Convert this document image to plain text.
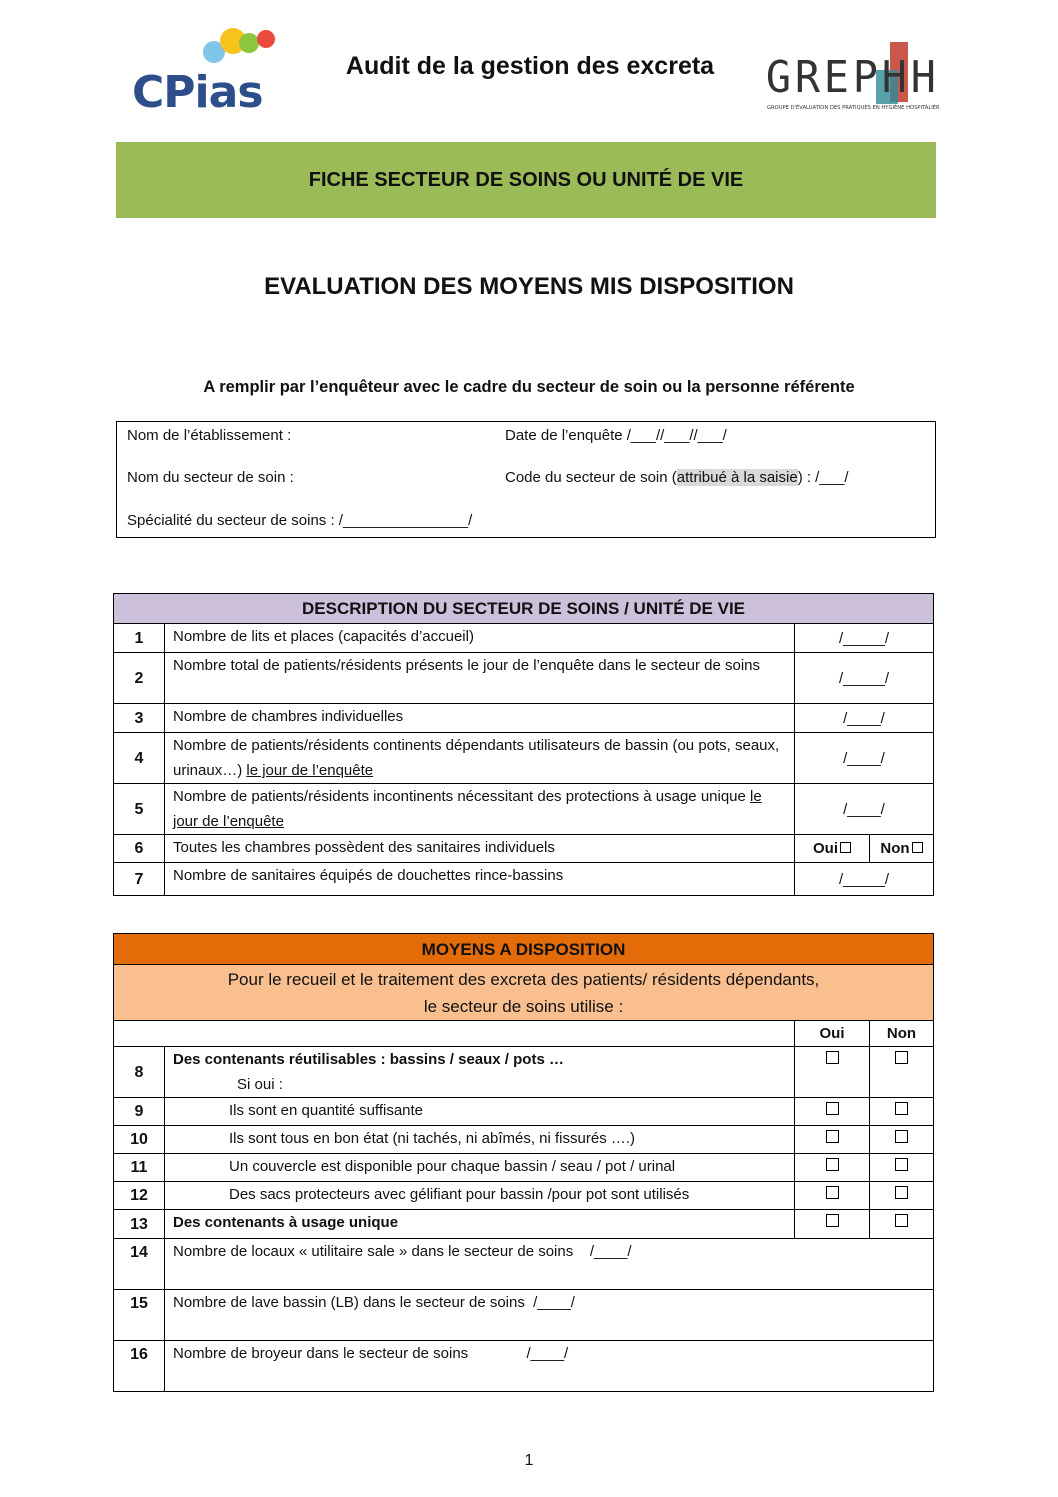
CPias
Audit de la gestion des excreta	GREPHH
GROUPE D'ÉVALUATION DES PRATIQUES EN HYGIÈNE HOSPITALIÈRE
FICHE SECTEUR DE SOINS OU UNITÉ DE VIE
EVALUATION DES MOYENS MIS DISPOSITION
A remplir par l’enquêteur avec le cadre du secteur de soin ou la personne référente
Nom de l’établissement :	Date de l’enquête /___//___//___/
Nom du secteur de soin :	Code du secteur de soin (attribué à la saisie) : /___/
Spécialité du secteur de soins : /_______________/
DESCRIPTION DU SECTEUR DE SOINS / UNITÉ DE VIE			
1	Nombre de lits et places (capacités d’accueil)	/_____/	
2	Nombre total de patients/résidents présents le jour de l’enquête dans le secteur de soins	/_____/	
3	Nombre de chambres individuelles	/____/	
4	Nombre de patients/résidents continents dépendants utilisateurs de bassin (ou pots, seaux, urinaux…) le jour de l’enquête	/____/	
5	Nombre de patients/résidents incontinents nécessitant des protections à usage unique le jour de l’enquête	/____/	
6	Toutes les chambres possèdent des sanitaires individuels	Oui	Non
7	Nombre de sanitaires équipés de douchettes rince-bassins	/_____/	
MOYENS A DISPOSITION			

Pour le recueil et le traitement des excreta des patients/ résidents dépendants,
le secteur de soins utilise :			

		Oui	Non
8	Des contenants réutilisables : bassins / seaux / pots …
Si oui :		

9	Ils sont en quantité suffisante		
10	Ils sont tous en bon état (ni tachés, ni abîmés, ni fissurés ….)		
11	Un couvercle est disponible pour chaque bassin / seau / pot / urinal		
12	Des sacs protecteurs avec gélifiant pour bassin /pour pot sont utilisés		
13	Des contenants à usage unique		
14	Nombre de locaux « utilitaire sale » dans le secteur de soins    /____/		
15	Nombre de lave bassin (LB) dans le secteur de soins  /____/		
16	Nombre de broyeur dans le secteur de soins              /____/		
1
